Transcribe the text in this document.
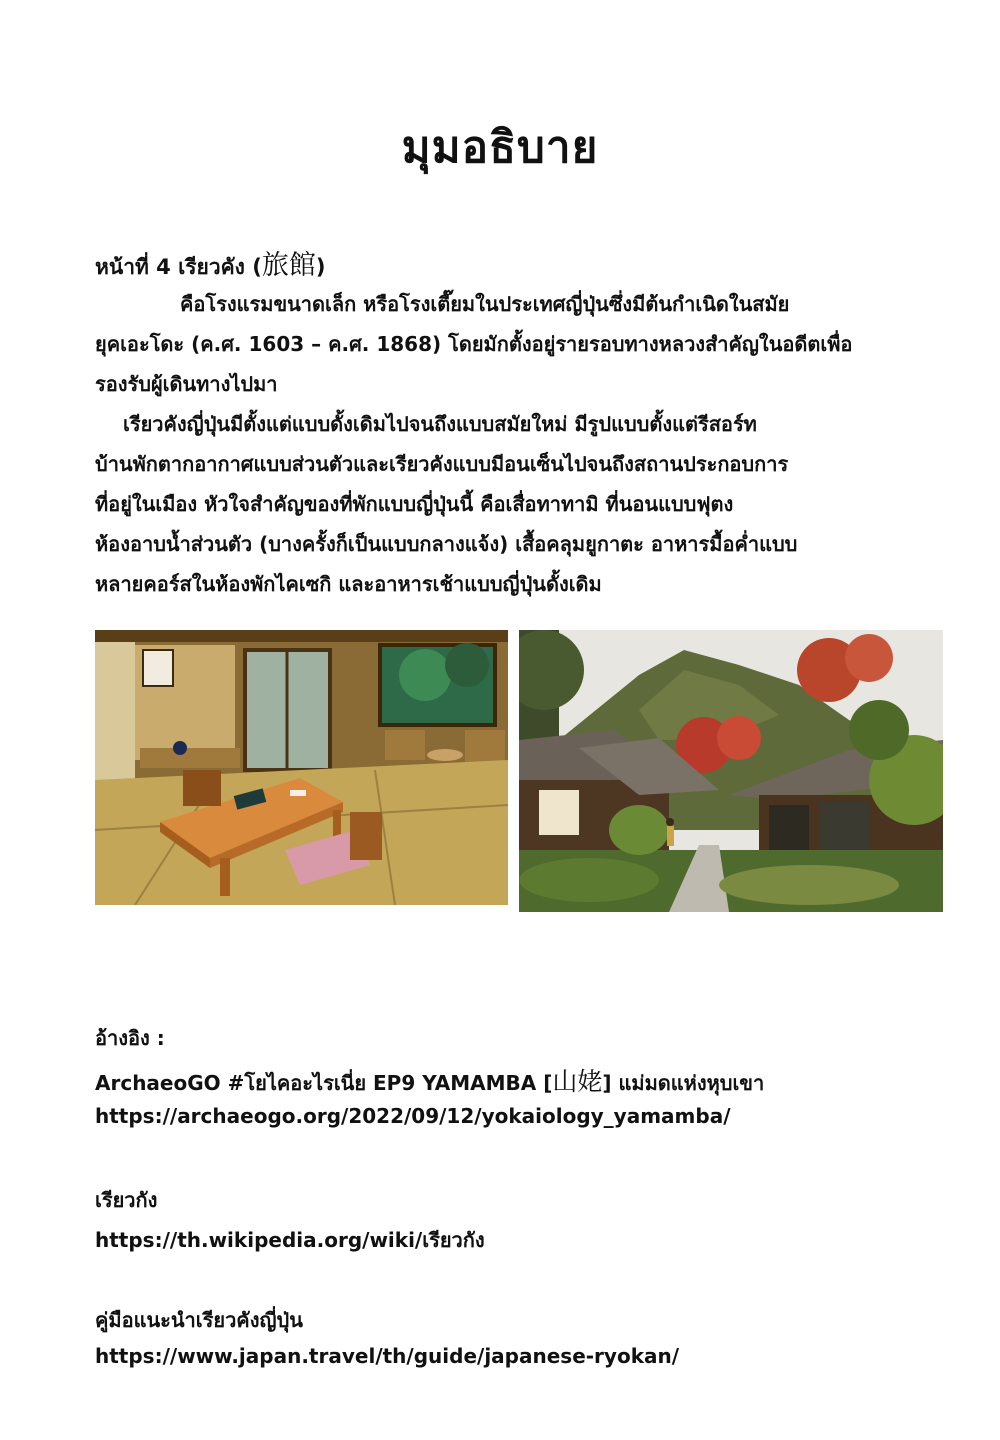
มุมอธิบาย
หน้าที่ 4 เรียวคัง (旅館)
คือโรงแรมขนาดเล็ก หรือโรงเตี๊ยมในประเทศญี่ปุ่นซึ่งมีต้นกำเนิดในสมัย
ยุคเอะโดะ (ค.ศ. 1603 – ค.ศ. 1868) โดยมักตั้งอยู่รายรอบทางหลวงสำคัญในอดีตเพื่อ
รองรับผู้เดินทางไปมา
เรียวคังญี่ปุ่นมีตั้งแต่แบบดั้งเดิมไปจนถึงแบบสมัยใหม่ มีรูปแบบตั้งแต่รีสอร์ท
บ้านพักตากอากาศแบบส่วนตัวและเรียวคังแบบมีอนเซ็นไปจนถึงสถานประกอบการ
ที่อยู่ในเมือง หัวใจสำคัญของที่พักแบบญี่ปุ่นนี้ คือเสื่อทาทามิ ที่นอนแบบฟุตง
ห้องอาบน้ำส่วนตัว (บางครั้งก็เป็นแบบกลางแจ้ง) เสื้อคลุมยูกาตะ อาหารมื้อค่ำแบบ
หลายคอร์สในห้องพักไคเซกิ และอาหารเช้าแบบญี่ปุ่นดั้งเดิม
อ้างอิง :
ArchaeoGO #โยไคอะไรเนี่ย EP9 YAMAMBA [山姥] แม่มดแห่งหุบเขา
https://archaeogo.org/2022/09/12/yokaiology_yamamba/
เรียวกัง
https://th.wikipedia.org/wiki/เรียวกัง
คู่มือแนะนำเรียวคังญี่ปุ่น
https://www.japan.travel/th/guide/japanese-ryokan/
